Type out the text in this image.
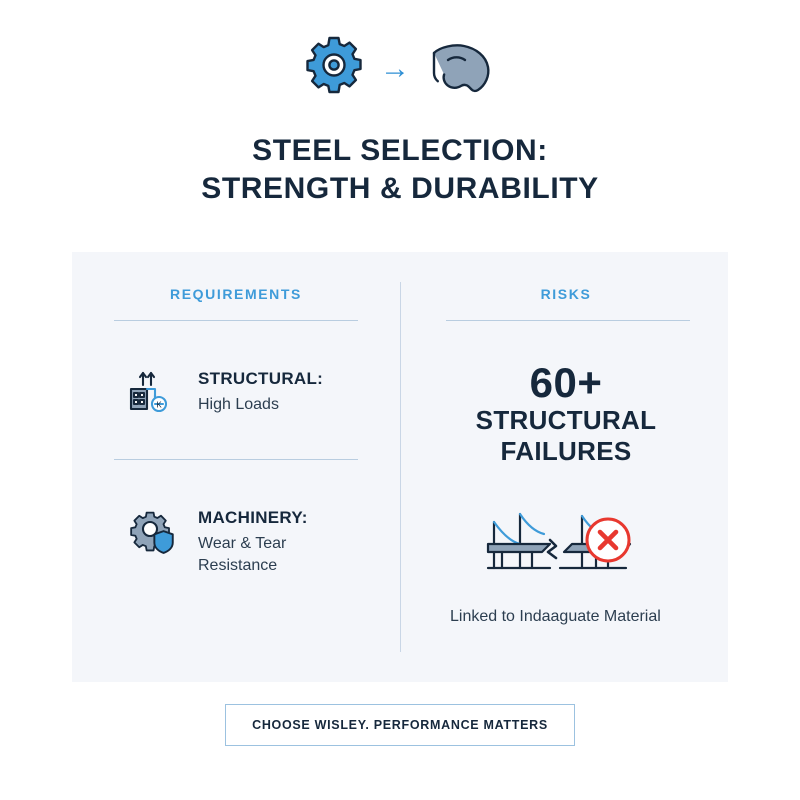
→
STEEL SELECTION:
STRENGTH & DURABILITY
REQUIREMENTS
K
STRUCTURAL:
High Loads
MACHINERY:
Wear & Tear Resistance
RISKS
60+
STRUCTURAL
FAILURES
Linked to Indaaguate Material
CHOOSE WISLEY. PERFORMANCE MATTERS
